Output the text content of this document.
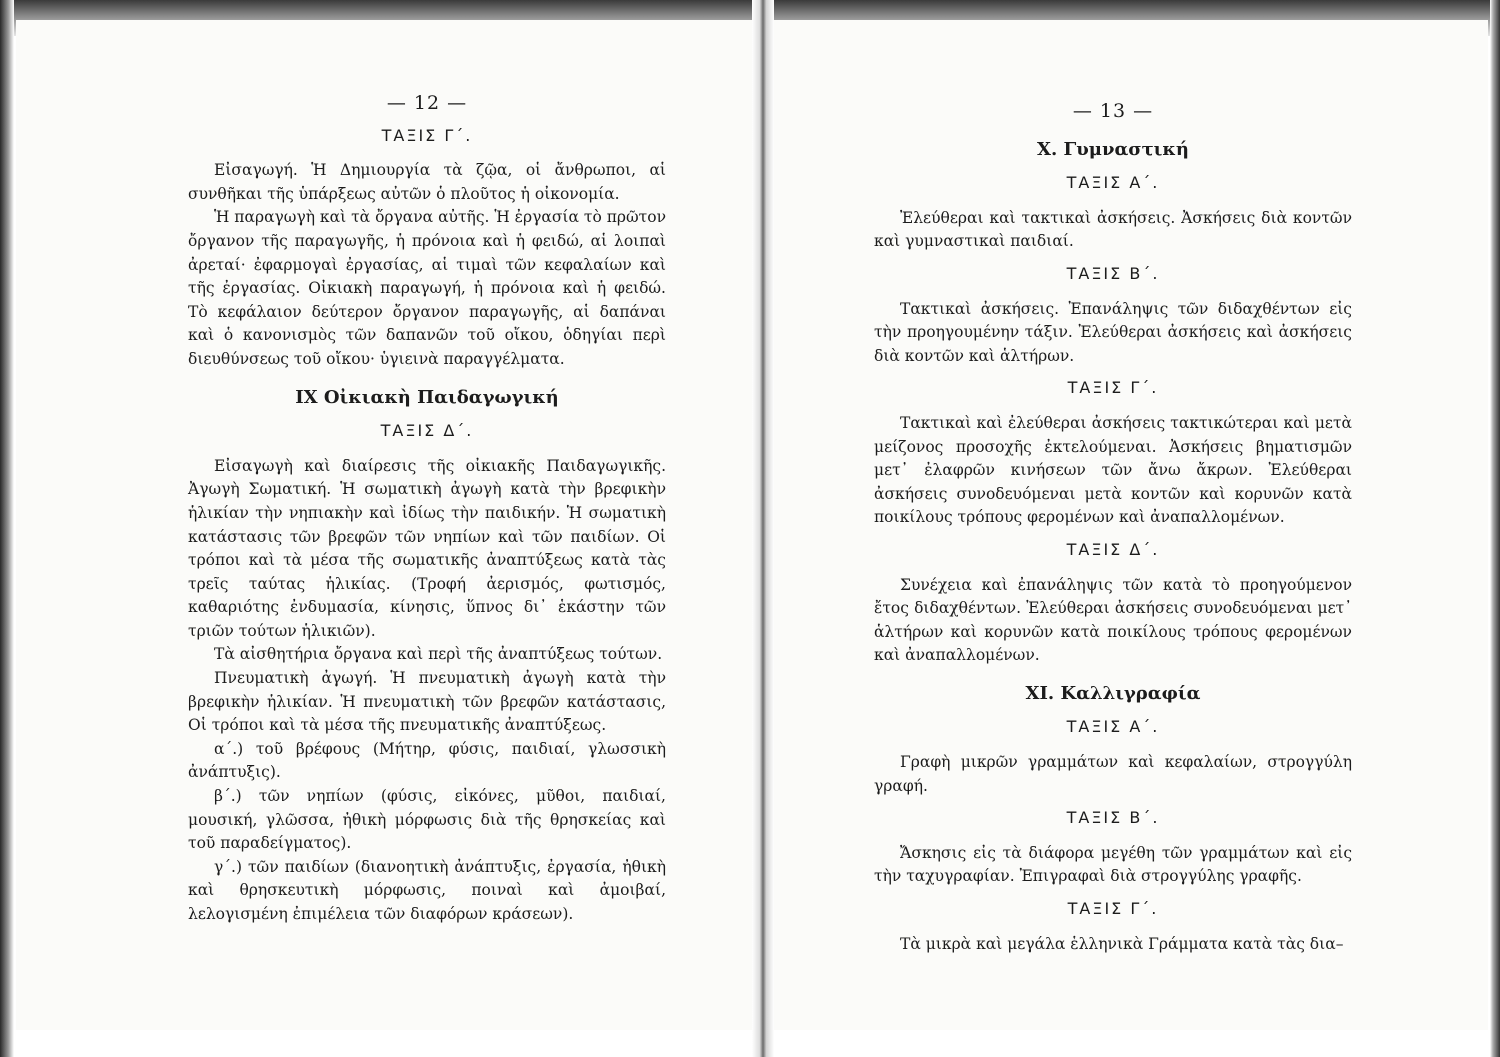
— 12 —
ΤΑΞΙΣ Γ΄.

Εἰσαγωγή. Ἡ Δημιουργία τὰ ζῷα, οἱ ἄνθρωποι, αἱ συνθῆκαι τῆς ὑπάρξεως αὐτῶν ὁ πλοῦτος ἡ οἰκονομία.

Ἡ παραγωγὴ καὶ τὰ ὄργανα αὐτῆς. Ἡ ἐργασία τὸ πρῶτον ὄργανον τῆς παραγωγῆς, ἡ πρόνοια καὶ ἡ φειδώ, αἱ λοιπαὶ ἀρεταί· ἐφαρμογαὶ ἐργασίας, αἱ τιμαὶ τῶν κεφαλαίων καὶ τῆς ἐργασίας. Οἰκιακὴ παραγωγή, ἡ πρόνοια καὶ ἡ φειδώ. Τὸ κεφάλαιον δεύτερον ὄργανον παραγωγῆς, αἱ δαπάναι καὶ ὁ κανονισμὸς τῶν δαπανῶν τοῦ οἴκου, ὁδηγίαι περὶ διευθύνσεως τοῦ οἴκου· ὑγιεινὰ παραγγέλματα.

ΙΧ Οἰκιακὴ Παιδαγωγική
ΤΑΞΙΣ Δ΄.

Εἰσαγωγὴ καὶ διαίρεσις τῆς οἰκιακῆς Παιδαγωγικῆς. Ἀγωγὴ Σωματική. Ἡ σωματικὴ ἀγωγὴ κατὰ τὴν βρεφικὴν ἡλικίαν τὴν νηπιακὴν καὶ ἰδίως τὴν παιδικήν. Ἡ σωματικὴ κατάστασις τῶν βρεφῶν τῶν νηπίων καὶ τῶν παιδίων. Οἱ τρόποι καὶ τὰ μέσα τῆς σωματικῆς ἀναπτύξεως κατὰ τὰς τρεῖς ταύτας ἡλικίας. (Τροφή ἀερισμός, φωτισμός, καθαριότης ἐνδυμασία, κίνησις, ὕπνος δι᾽ ἑκάστην τῶν τριῶν τούτων ἡλικιῶν).

Τὰ αἰσθητήρια ὄργανα καὶ περὶ τῆς ἀναπτύξεως τούτων.

Πνευματικὴ ἀγωγή. Ἡ πνευματικὴ ἀγωγὴ κατὰ τὴν βρεφικὴν ἡλικίαν. Ἡ πνευματικὴ τῶν βρεφῶν κατάστασις, Οἱ τρόποι καὶ τὰ μέσα τῆς πνευματικῆς ἀναπτύξεως.

α΄.) τοῦ βρέφους (Μήτηρ, φύσις, παιδιαί, γλωσσικὴ ἀνάπτυξις).

β΄.) τῶν νηπίων (φύσις, εἰκόνες, μῦθοι, παιδιαί, μουσική, γλῶσσα, ἠθικὴ μόρφωσις διὰ τῆς θρησκείας καὶ τοῦ παραδείγματος).

γ΄.) τῶν παιδίων (διανοητικὴ ἀνάπτυξις, ἐργασία, ἠθικὴ καὶ θρησκευτικὴ μόρφωσις, ποιναὶ καὶ ἀμοιβαί, λελογισμένη ἐπιμέλεια τῶν διαφόρων κράσεων).

— 13 —
Χ. Γυμναστική
ΤΑΞΙΣ Α΄.

Ἐλεύθεραι καὶ τακτικαὶ ἀσκήσεις. Ἀσκήσεις διὰ κοντῶν καὶ γυμναστικαὶ παιδιαί.

ΤΑΞΙΣ Β΄.

Τακτικαὶ ἀσκήσεις. Ἐπανάληψις τῶν διδαχθέντων εἰς τὴν προηγουμένην τάξιν. Ἐλεύθεραι ἀσκήσεις καὶ ἀσκήσεις διὰ κοντῶν καὶ ἁλτήρων.

ΤΑΞΙΣ Γ΄.

Τακτικαὶ καὶ ἐλεύθεραι ἀσκήσεις τακτικώτεραι καὶ μετὰ μείζονος προσοχῆς ἐκτελούμεναι. Ἀσκήσεις βηματισμῶν μετ᾽ ἐλαφρῶν κινήσεων τῶν ἄνω ἄκρων. Ἐλεύθεραι ἀσκήσεις συνοδευόμεναι μετὰ κοντῶν καὶ κορυνῶν κατὰ ποικίλους τρόπους φερομένων καὶ ἀναπαλλομένων.

ΤΑΞΙΣ Δ΄.

Συνέχεια καὶ ἐπανάληψις τῶν κατὰ τὸ προηγούμενον ἔτος διδαχθέντων. Ἐλεύθεραι ἀσκήσεις συνοδευόμεναι μετ᾽ ἁλτήρων καὶ κορυνῶν κατὰ ποικίλους τρόπους φερομένων καὶ ἀναπαλλομένων.

ΧΙ. Καλλιγραφία
ΤΑΞΙΣ Α΄.

Γραφὴ μικρῶν γραμμάτων καὶ κεφαλαίων, στρογγύλη γραφή.

ΤΑΞΙΣ Β΄.

Ἄσκησις εἰς τὰ διάφορα μεγέθη τῶν γραμμάτων καὶ εἰς τὴν ταχυγραφίαν. Ἐπιγραφαὶ διὰ στρογγύλης γραφῆς.

ΤΑΞΙΣ Γ΄.

Τὰ μικρὰ καὶ μεγάλα ἑλληνικὰ Γράμματα κατὰ τὰς δια–
